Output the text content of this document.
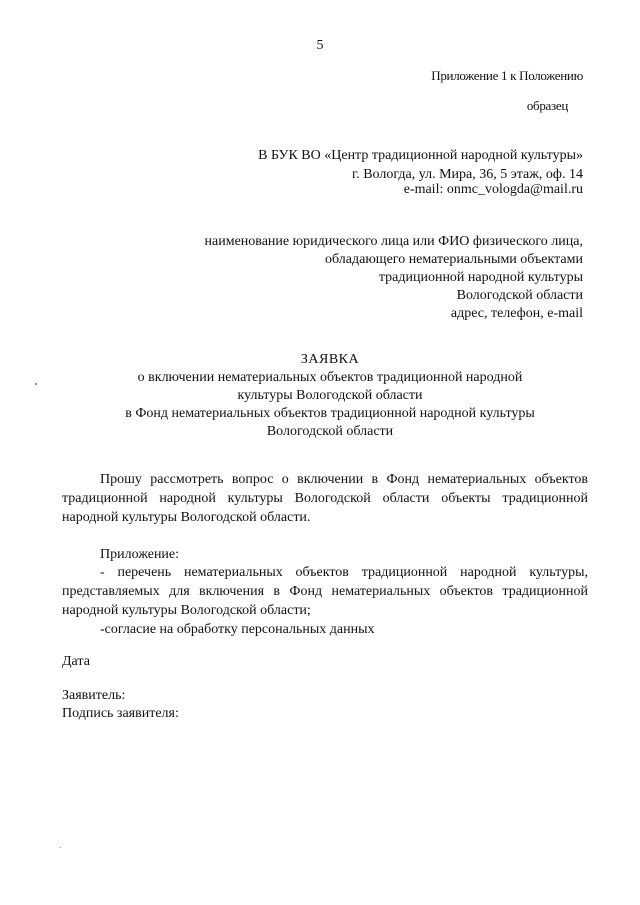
5
Приложение 1 к Положению
образец
В БУК ВО «Центр традиционной народной культуры»
г. Вологда, ул. Мира, 36, 5 этаж, оф. 14
e-mail: onmc_vologda@mail.ru
наименование юридического лица или ФИО физического лица,
обладающего нематериальными объектами
традиционной народной культуры
Вологодской области
адрес, телефон, e-mail
ЗАЯВКА
о включении нематериальных объектов традиционной народной
культуры Вологодской области
в Фонд нематериальных объектов традиционной народной культуры
Вологодской области
Прошу рассмотреть вопрос о включении в Фонд нематериальных объектов традиционной народной культуры Вологодской области объекты традиционной народной культуры Вологодской области.
Приложение:
- перечень нематериальных объектов традиционной народной культуры, представляемых для включения в Фонд нематериальных объектов традиционной народной культуры Вологодской области;
-согласие на обработку персональных данных
Дата
Заявитель:
Подпись заявителя:
